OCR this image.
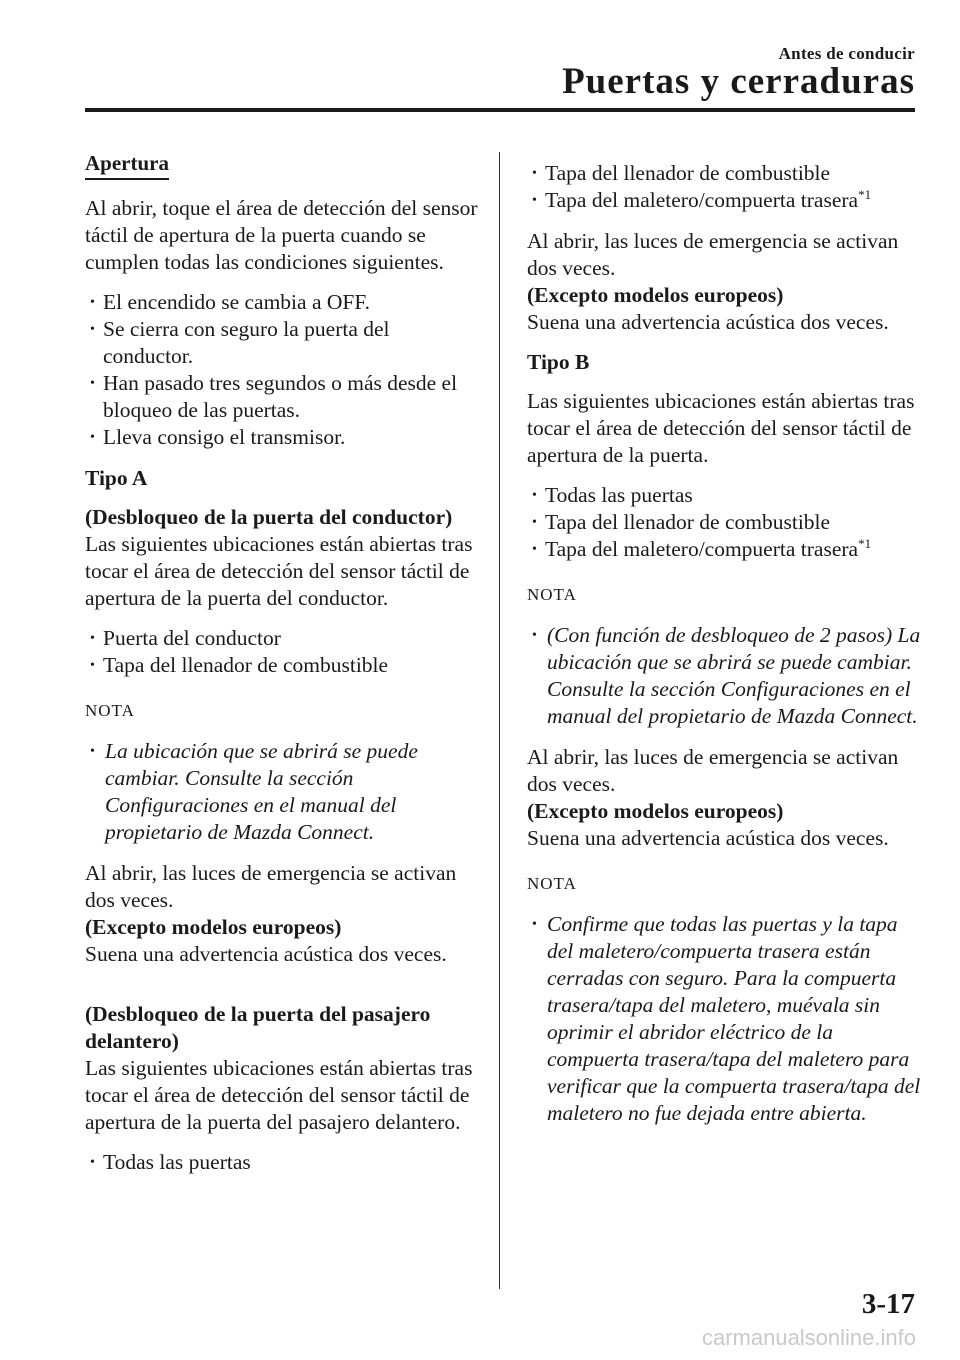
Antes de conducir
Puertas y cerraduras
Apertura

Al abrir, toque el área de detección del sensor táctil de apertura de la puerta cuando se cumplen todas las condiciones siguientes.

• El encendido se cambia a OFF.
• Se cierra con seguro la puerta del conductor.
• Han pasado tres segundos o más desde el bloqueo de las puertas.
• Lleva consigo el transmisor.

Tipo A

(Desbloqueo de la puerta del conductor)

Las siguientes ubicaciones están abiertas tras tocar el área de detección del sensor táctil de apertura de la puerta del conductor.

• Puerta del conductor
• Tapa del llenador de combustible
NOTA
• La ubicación que se abrirá se puede cambiar. Consulte la sección Configuraciones en el manual del propietario de Mazda Connect.

Al abrir, las luces de emergencia se activan dos veces.

(Excepto modelos europeos)

Suena una advertencia acústica dos veces.

(Desbloqueo de la puerta del pasajero delantero)

Las siguientes ubicaciones están abiertas tras tocar el área de detección del sensor táctil de apertura de la puerta del pasajero delantero.

• Todas las puertas
• Tapa del llenador de combustible
• Tapa del maletero/compuerta trasera$^{*1}$

Al abrir, las luces de emergencia se activan dos veces.

(Excepto modelos europeos)

Suena una advertencia acústica dos veces.

Tipo B

Las siguientes ubicaciones están abiertas tras tocar el área de detección del sensor táctil de apertura de la puerta.

• Todas las puertas
• Tapa del llenador de combustible
• Tapa del maletero/compuerta trasera$^{*1}$
NOTA
• (Con función de desbloqueo de 2 pasos) La ubicación que se abrirá se puede cambiar. Consulte la sección Configuraciones en el manual del propietario de Mazda Connect.

Al abrir, las luces de emergencia se activan dos veces.

(Excepto modelos europeos)

Suena una advertencia acústica dos veces.

NOTA
• Confirme que todas las puertas y la tapa del maletero/compuerta trasera están cerradas con seguro. Para la compuerta trasera/tapa del maletero, muévala sin oprimir el abridor eléctrico de la compuerta trasera/tapa del maletero para verificar que la compuerta trasera/tapa del maletero no fue dejada entre abierta.
3-17
carmanualsonline.info
